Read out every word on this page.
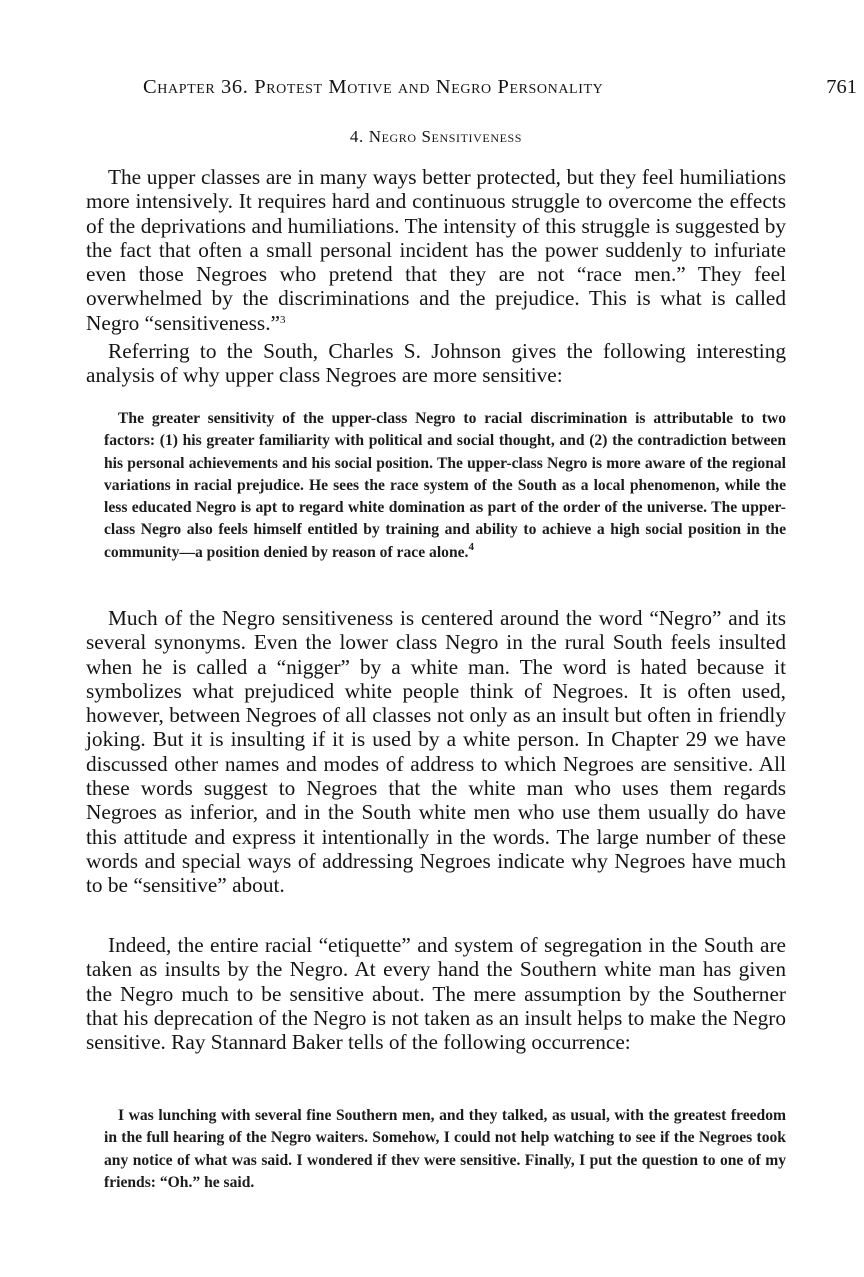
Chapter 36. Protest Motive and Negro Personality	761
4. Negro Sensitiveness

The upper classes are in many ways better protected, but they feel humiliations more intensively. It requires hard and continuous struggle to overcome the effects of the deprivations and humiliations. The intensity of this struggle is suggested by the fact that often a small personal incident has the power suddenly to infuriate even those Negroes who pretend that they are not “race men.” They feel overwhelmed by the discriminations and the prejudice. This is what is called Negro “sensitiveness.”$^3$

Referring to the South, Charles S. Johnson gives the following interesting analysis of why upper class Negroes are more sensitive:

The greater sensitivity of the upper-class Negro to racial discrimination is attributable to two factors: (1) his greater familiarity with political and social thought, and (2) the contradiction between his personal achievements and his social position. The upper-class Negro is more aware of the regional variations in racial prejudice. He sees the race system of the South as a local phenomenon, while the less educated Negro is apt to regard white domination as part of the order of the universe. The upper-class Negro also feels himself entitled by training and ability to achieve a high social position in the community—a position denied by reason of race alone.$^4$

Much of the Negro sensitiveness is centered around the word “Negro” and its several synonyms. Even the lower class Negro in the rural South feels insulted when he is called a “nigger” by a white man. The word is hated because it symbolizes what prejudiced white people think of Negroes. It is often used, however, between Negroes of all classes not only as an insult but often in friendly joking. But it is insulting if it is used by a white person. In Chapter 29 we have discussed other names and modes of address to which Negroes are sensitive. All these words suggest to Negroes that the white man who uses them regards Negroes as inferior, and in the South white men who use them usually do have this attitude and express it intentionally in the words. The large number of these words and special ways of addressing Negroes indicate why Negroes have much to be “sensitive” about.

Indeed, the entire racial “etiquette” and system of segregation in the South are taken as insults by the Negro. At every hand the Southern white man has given the Negro much to be sensitive about. The mere assumption by the Southerner that his deprecation of the Negro is not taken as an insult helps to make the Negro sensitive. Ray Stannard Baker tells of the following occurrence:

I was lunching with several fine Southern men, and they talked, as usual, with the greatest freedom in the full hearing of the Negro waiters. Somehow, I could not help watching to see if the Negroes took any notice of what was said. I wondered if thev were sensitive. Finally, I put the question to one of my friends: “Oh.” he said.
